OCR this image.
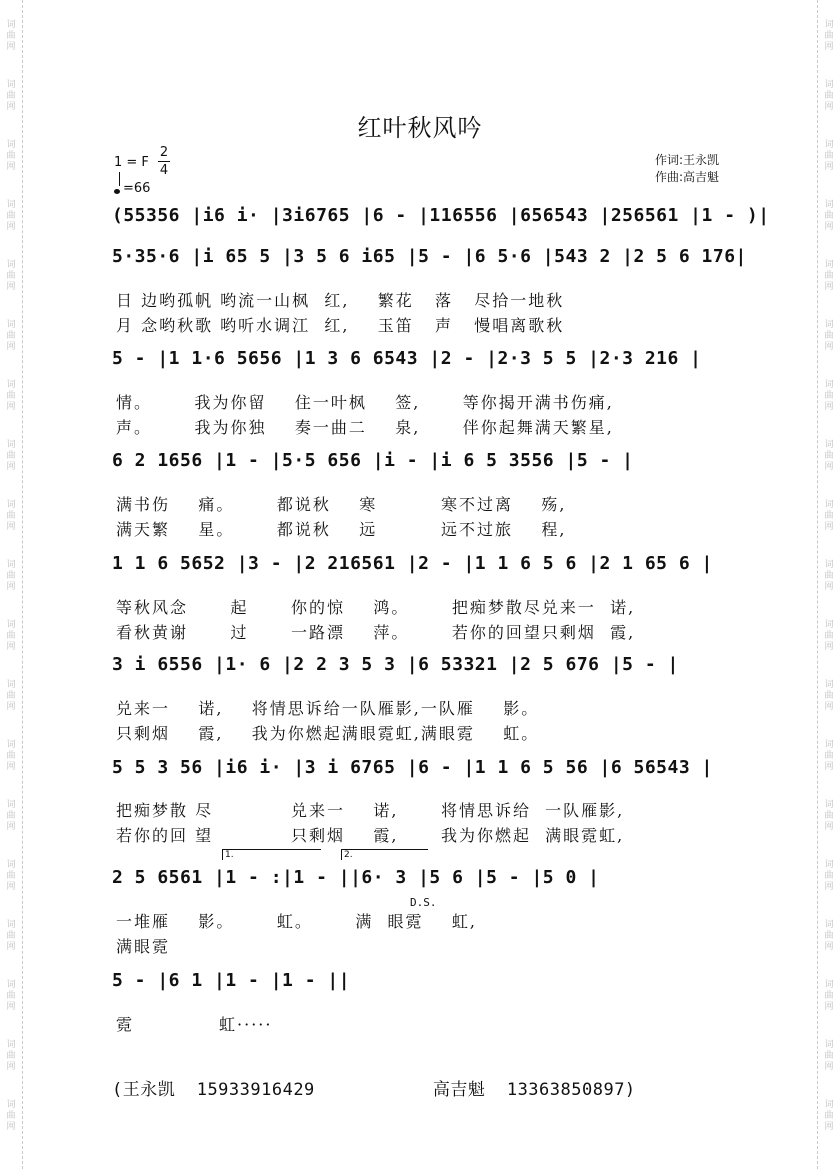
词
曲
网
词
曲
网
词
曲
网
词
曲
网
词
曲
网
词
曲
网
词
曲
网
词
曲
网
词
曲
网
词
曲
网
词
曲
网
词
曲
网
词
曲
网
词
曲
网
词
曲
网
词
曲
网
词
曲
网
词
曲
网
词
曲
网
词
曲
网
词
曲
网
词
曲
网
词
曲
网
词
曲
网
词
曲
网
词
曲
网
词
曲
网
词
曲
网
词
曲
网
词
曲
网
词
曲
网
词
曲
网
词
曲
网
词
曲
网
词
曲
网
词
曲
网
词
曲
网
词
曲
网
红叶秋风吟
1 = F
2
4
=66
作词:王永凯
作曲:高吉魁
(55356 |i6 i· |3i6765 |6 - |116556 |656543 |256561 |1 - )|
5·35·6 |i 65 5 |3 5 6 i65 |5 - |6 5·6 |543 2 |2 5 6 176|
日 边哟孤帆 哟流一山枫  红,    繁花   落   尽拾一地秋
月 念哟秋歌 哟听水调江  红,    玉笛   声   慢唱离歌秋
5 - |1 1·6 5656 |1 3 6 6543 |2 - |2·3 5 5 |2·3 216 |
情。      我为你留    住一叶枫    签,      等你揭开满书伤痛,
声。      我为你独    奏一曲二    泉,      伴你起舞满天繁星,
6 2 1656 |1 - |5·5 656 |i - |i 6 5 3556 |5 - |
满书伤    痛。      都说秋    寒         寒不过离    殇,
满天繁    星。      都说秋    远         远不过旅    程,
1 1 6 5652 |3 - |2 216561 |2 - |1 1 6 5 6 |2 1 65 6 |
等秋风念      起      你的惊    鸿。      把痴梦散尽兑来一  诺,
看秋黄谢      过      一路漂    萍。      若你的回望只剩烟  霞,
3 i 6556 |1· 6 |2 2 3 5 3 |6 53321 |2 5 676 |5 - |
兑来一    诺,    将情思诉给一队雁影,一队雁    影。
只剩烟    霞,    我为你燃起满眼霓虹,满眼霓    虹。
5 5 3 56 |i6 i· |3 i 6765 |6 - |1 1 6 5 56 |6 56543 |
把痴梦散 尽           兑来一    诺,      将情思诉给  一队雁影,
若你的回 望           只剩烟    霞,      我为你燃起  满眼霓虹,
1.	2.
2 5 6561 |1 - :|1 - ||6· 3 |5 6 |5 - |5 0 |
D.S.
一堆雁    影。      虹。      满  眼霓    虹,
满眼霓
5 - |6 1 |1 - |1 - ||
霓            虹·····
(王永凯  15933916429           高吉魁  13363850897)
